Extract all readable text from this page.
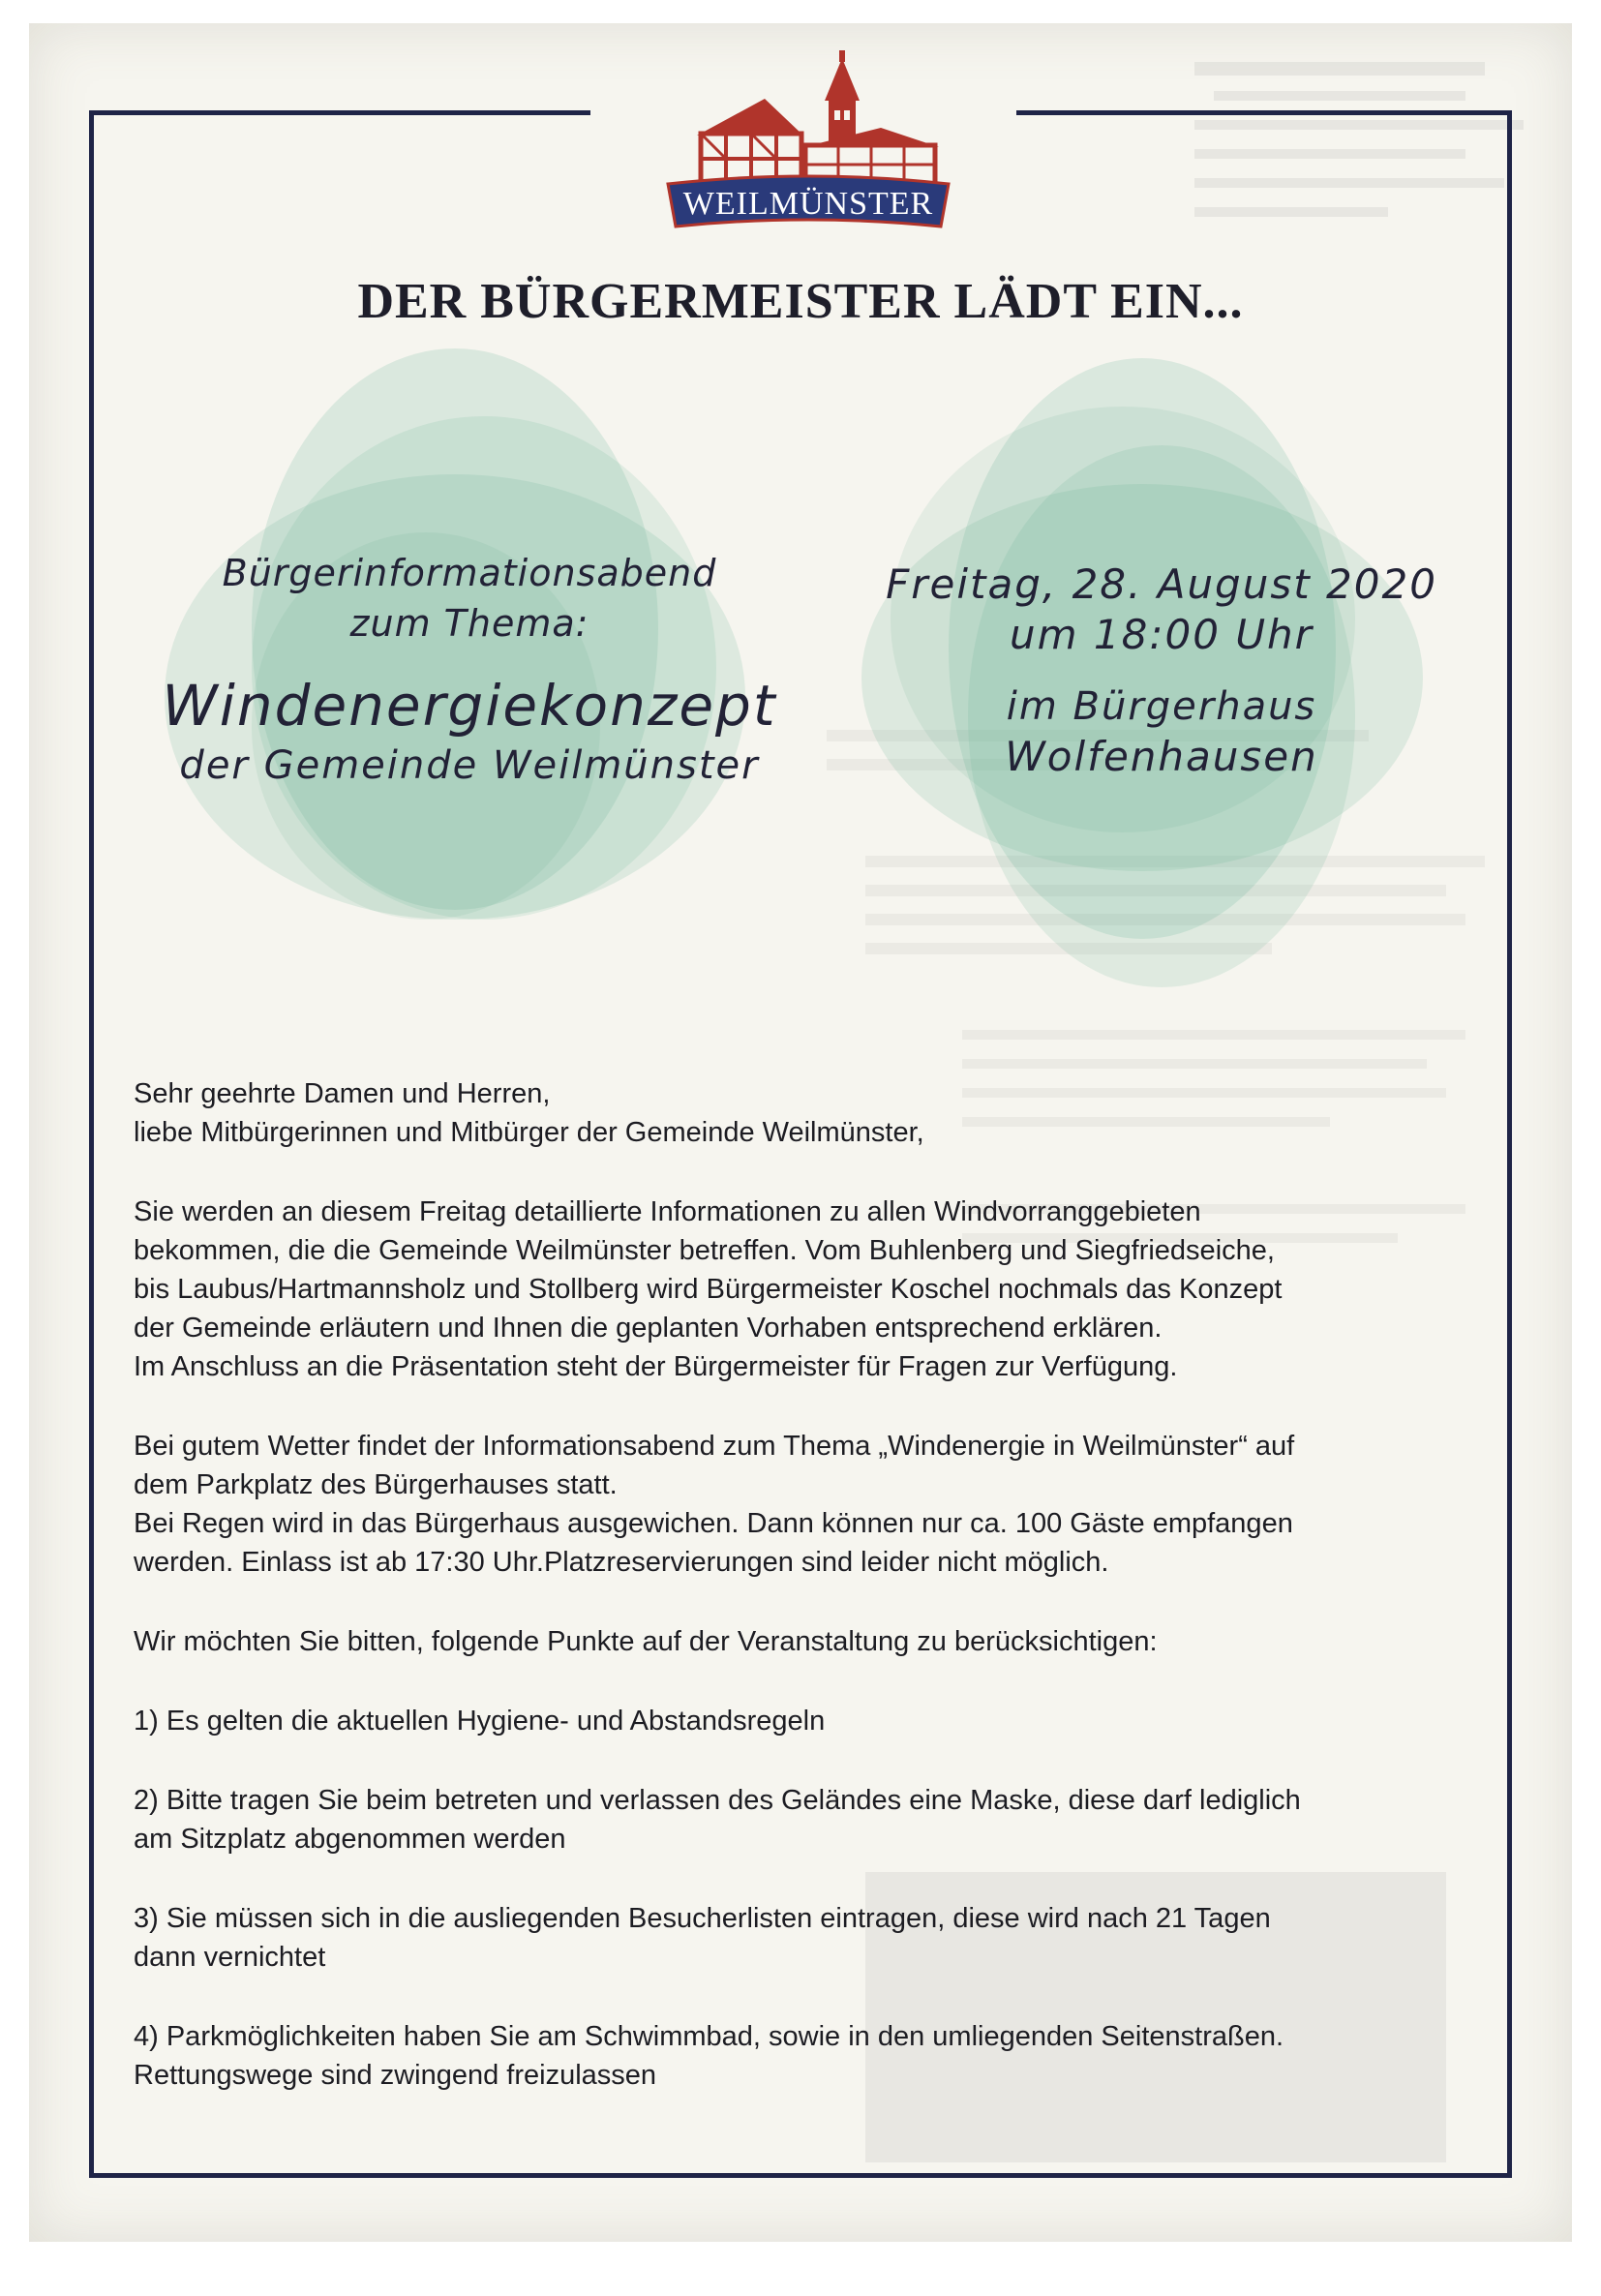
WEILMÜNSTER
DER BÜRGERMEISTER LÄDT EIN...
Bürgerinformationsabend
zum Thema:
Windenergiekonzept
der Gemeinde Weilmünster
Freitag, 28. August 2020
um 18:00 Uhr
im Bürgerhaus
Wolfenhausen

Sehr geehrte Damen und Herren,
liebe Mitbürgerinnen und Mitbürger der Gemeinde Weilmünster,

Sie werden an diesem Freitag detaillierte Informationen zu allen Windvorranggebieten
bekommen, die die Gemeinde Weilmünster betreffen. Vom Buhlenberg und Siegfriedseiche,
bis Laubus/Hartmannsholz und Stollberg wird Bürgermeister Koschel nochmals das Konzept
der Gemeinde erläutern und Ihnen die geplanten Vorhaben entsprechend erklären.
Im Anschluss an die Präsentation steht der Bürgermeister für Fragen zur Verfügung.

Bei gutem Wetter findet der Informationsabend zum Thema „Windenergie in Weilmünster“ auf
dem Parkplatz des Bürgerhauses statt.
Bei Regen wird in das Bürgerhaus ausgewichen. Dann können nur ca. 100 Gäste empfangen
werden. Einlass ist ab 17:30 Uhr.Platzreservierungen sind leider nicht möglich.

Wir möchten Sie bitten, folgende Punkte auf der Veranstaltung zu berücksichtigen:

1) Es gelten die aktuellen Hygiene- und Abstandsregeln

2) Bitte tragen Sie beim betreten und verlassen des Geländes eine Maske, diese darf lediglich
am Sitzplatz abgenommen werden

3) Sie müssen sich in die ausliegenden Besucherlisten eintragen, diese wird nach 21 Tagen
dann vernichtet

4) Parkmöglichkeiten haben Sie am Schwimmbad, sowie in den umliegenden Seitenstraßen.
Rettungswege sind zwingend freizulassen
